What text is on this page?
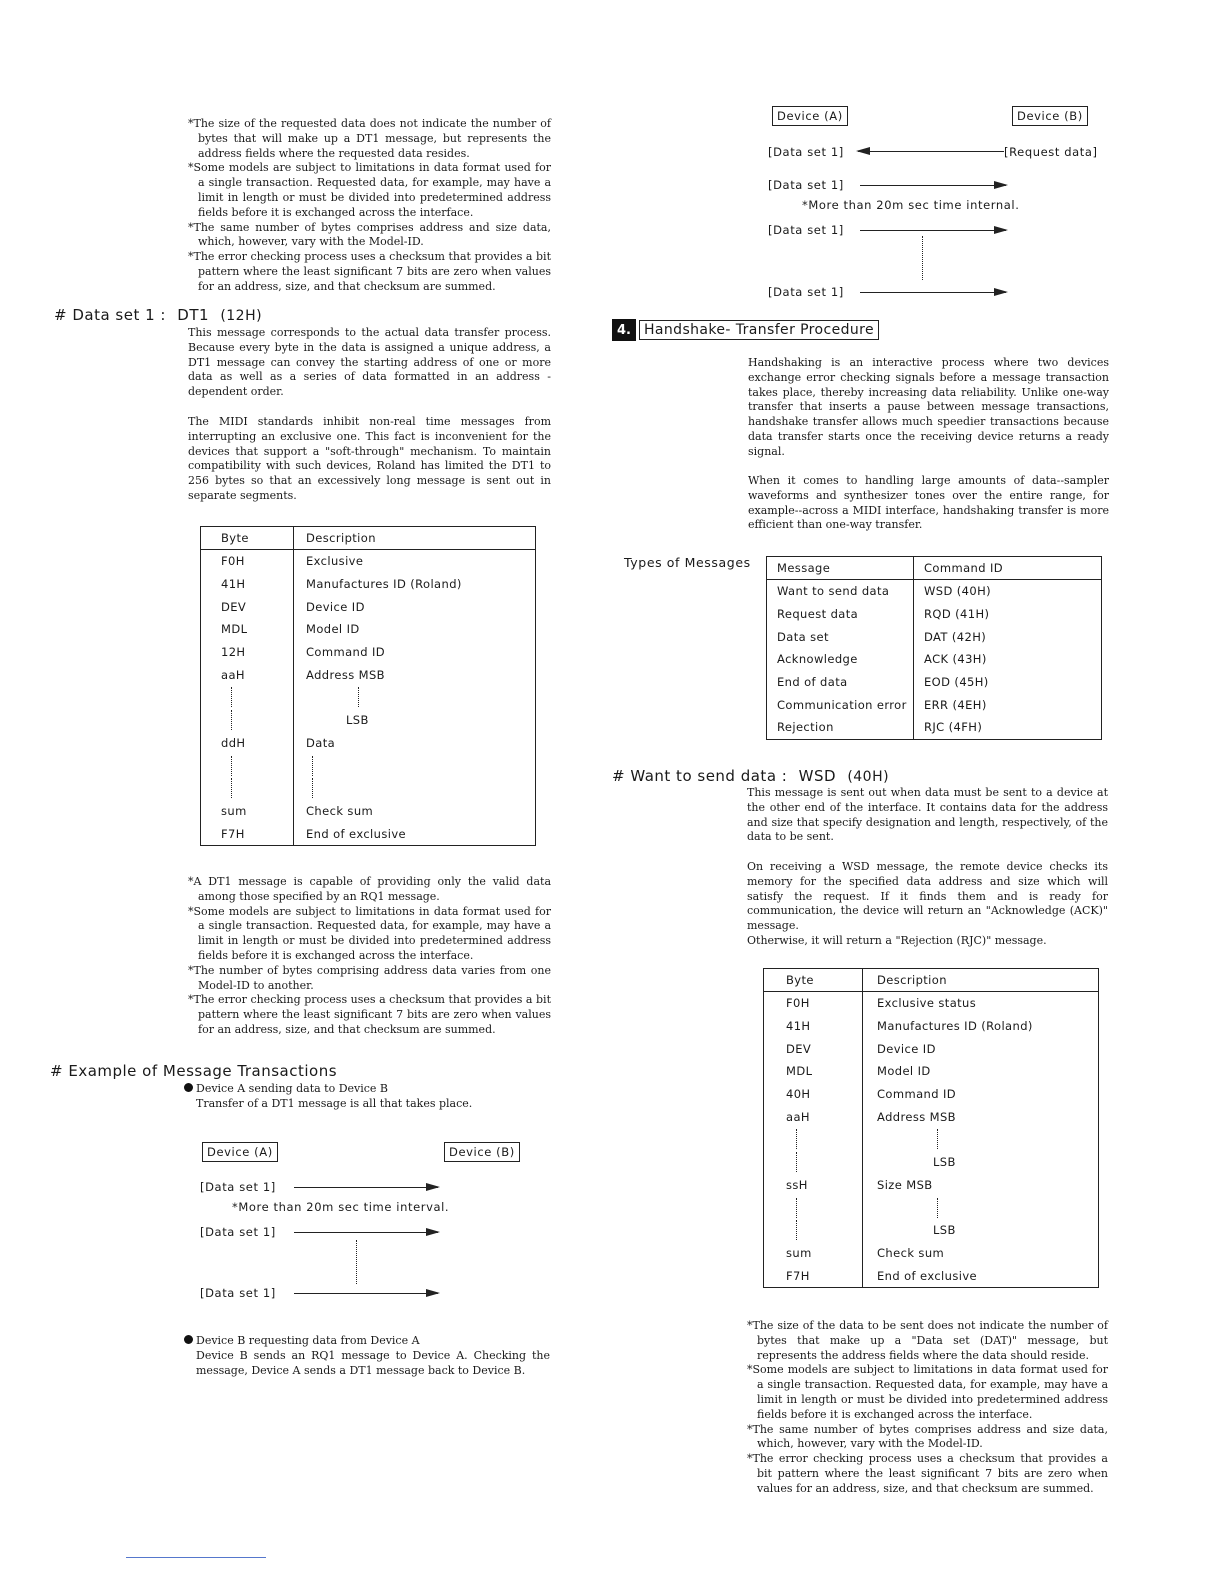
*The size of the requested data does not indicate the number of bytes that will make up a DT1 message, but represents the address fields where the requested data resides.

*Some models are subject to limitations in data format used for a single transaction. Requested data, for example, may have a limit in length or must be divided into predetermined address fields before it is exchanged across the interface.

*The same number of bytes comprises address and size data, which, however, vary with the Model-ID.

*The error checking process uses a checksum that provides a bit pattern where the least significant 7 bits are zero when values for an address, size, and that checksum are summed.

# Data set 1 : DT1 (12H)

This message corresponds to the actual data transfer process. Because every byte in the data is assigned a unique address, a DT1 message can convey the starting address of one or more data as well as a series of data formatted in an address - dependent order.

The MIDI standards inhibit non-real time messages from interrupting an exclusive one. This fact is inconvenient for the devices that support a "soft-through" mechanism. To maintain compatibility with such devices, Roland has limited the DT1 to 256 bytes so that an excessively long message is sent out in separate segments.

Byte	Description
F0H	Exclusive
41H	Manufactures ID (Roland)
DEV	Device ID
MDL	Model ID
12H	Command ID
aaH	Address MSB

	LSB
ddH	Data

sum	Check sum
F7H	End of exclusive

*A DT1 message is capable of providing only the valid data among those specified by an RQ1 message.

*Some models are subject to limitations in data format used for a single transaction. Requested data, for example, may have a limit in length or must be divided into predetermined address fields before it is exchanged across the interface.

*The number of bytes comprising address data varies from one Model-ID to another.

*The error checking process uses a checksum that provides a bit pattern where the least significant 7 bits are zero when values for an address, size, and that checksum are summed.

# Example of Message Transactions
Device A sending data to Device B
Transfer of a DT1 message is all that takes place.
Device (A)	Device (B)
[Data set 1]
*More than 20m sec time interval.
[Data set 1]
[Data set 1]
Device B requesting data from Device A
Device B sends an RQ1 message to Device A. Checking the message, Device A sends a DT1 message back to Device B.
Device (A)	Device (B)
[Data set 1]	[Request data]
[Data set 1]
*More than 20m sec time internal.
[Data set 1]
[Data set 1]
4. Handshake- Transfer Procedure

Handshaking is an interactive process where two devices exchange error checking signals before a message transaction takes place, thereby increasing data reliability. Unlike one-way transfer that inserts a pause between message transactions, handshake transfer allows much speedier transactions because data transfer starts once the receiving device returns a ready signal.

When it comes to handling large amounts of data--sampler waveforms and synthesizer tones over the entire range, for example--across a MIDI interface, handshaking transfer is more efficient than one-way transfer.

Types of Messages Message	Command ID
Want to send data	WSD (40H)
Request data	RQD (41H)
Data set	DAT (42H)
Acknowledge	ACK (43H)
End of data	EOD (45H)
Communication error	ERR (4EH)
Rejection	RJC (4FH)
# Want to send data : WSD (40H)

This message is sent out when data must be sent to a device at the other end of the interface. It contains data for the address and size that specify designation and length, respectively, of the data to be sent.

On receiving a WSD message, the remote device checks its memory for the specified data address and size which will satisfy the request. If it finds them and is ready for communication, the device will return an "Acknowledge (ACK)" message.

Otherwise, it will return a "Rejection (RJC)" message.

Byte	Description
F0H	Exclusive status
41H	Manufactures ID (Roland)
DEV	Device ID
MDL	Model ID
40H	Command ID
aaH	Address MSB

	LSB
ssH	Size MSB

	LSB
sum	Check sum
F7H	End of exclusive

*The size of the data to be sent does not indicate the number of bytes that make up a "Data set (DAT)" message, but represents the address fields where the data should reside.

*Some models are subject to limitations in data format used for a single transaction. Requested data, for example, may have a limit in length or must be divided into predetermined address fields before it is exchanged across the interface.

*The same number of bytes comprises address and size data, which, however, vary with the Model-ID.

*The error checking process uses a checksum that provides a bit pattern where the least significant 7 bits are zero when values for an address, size, and that checksum are summed.
